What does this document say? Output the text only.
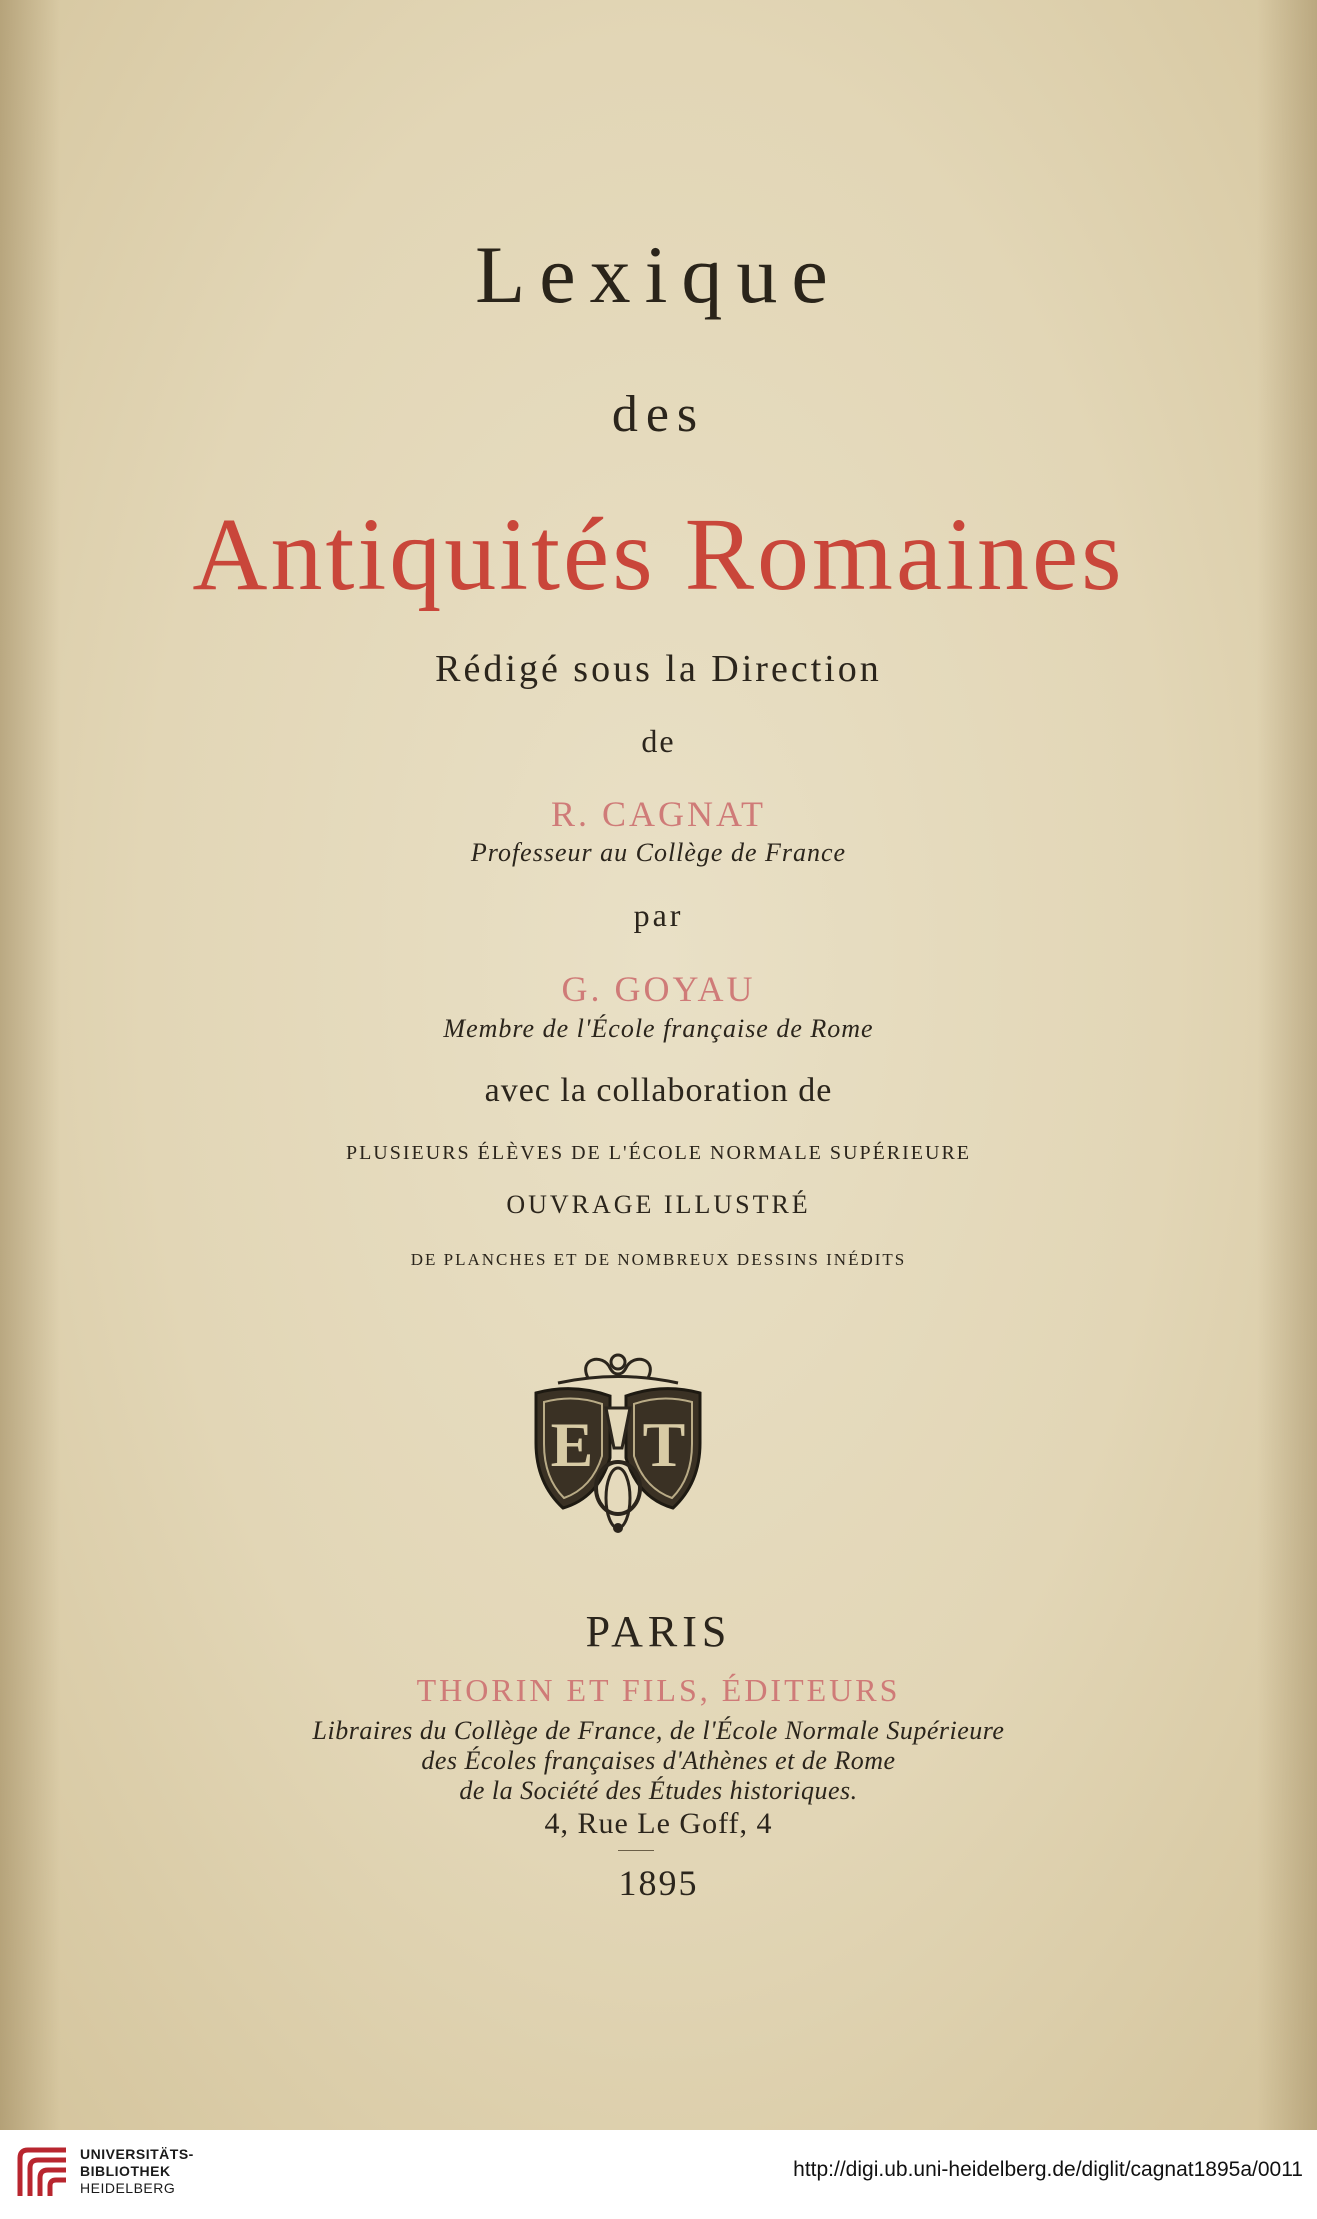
Lexique
des
Antiquités Romaines
Rédigé sous la Direction
de
R. CAGNAT
Professeur au Collège de France
par
G. GOYAU
Membre de l'École française de Rome
avec la collaboration de
PLUSIEURS ÉLÈVES DE L'ÉCOLE NORMALE SUPÉRIEURE
OUVRAGE ILLUSTRÉ
DE PLANCHES ET DE NOMBREUX DESSINS INÉDITS
E T
PARIS
THORIN ET FILS, ÉDITEURS
Libraires du Collège de France, de l'École Normale Supérieure
des Écoles françaises d'Athènes et de Rome
de la Société des Études historiques.
4, Rue Le Goff, 4
1895
UNIVERSITÄTS-
BIBLIOTHEK
HEIDELBERG
http://digi.ub.uni-heidelberg.de/diglit/cagnat1895a/0011
